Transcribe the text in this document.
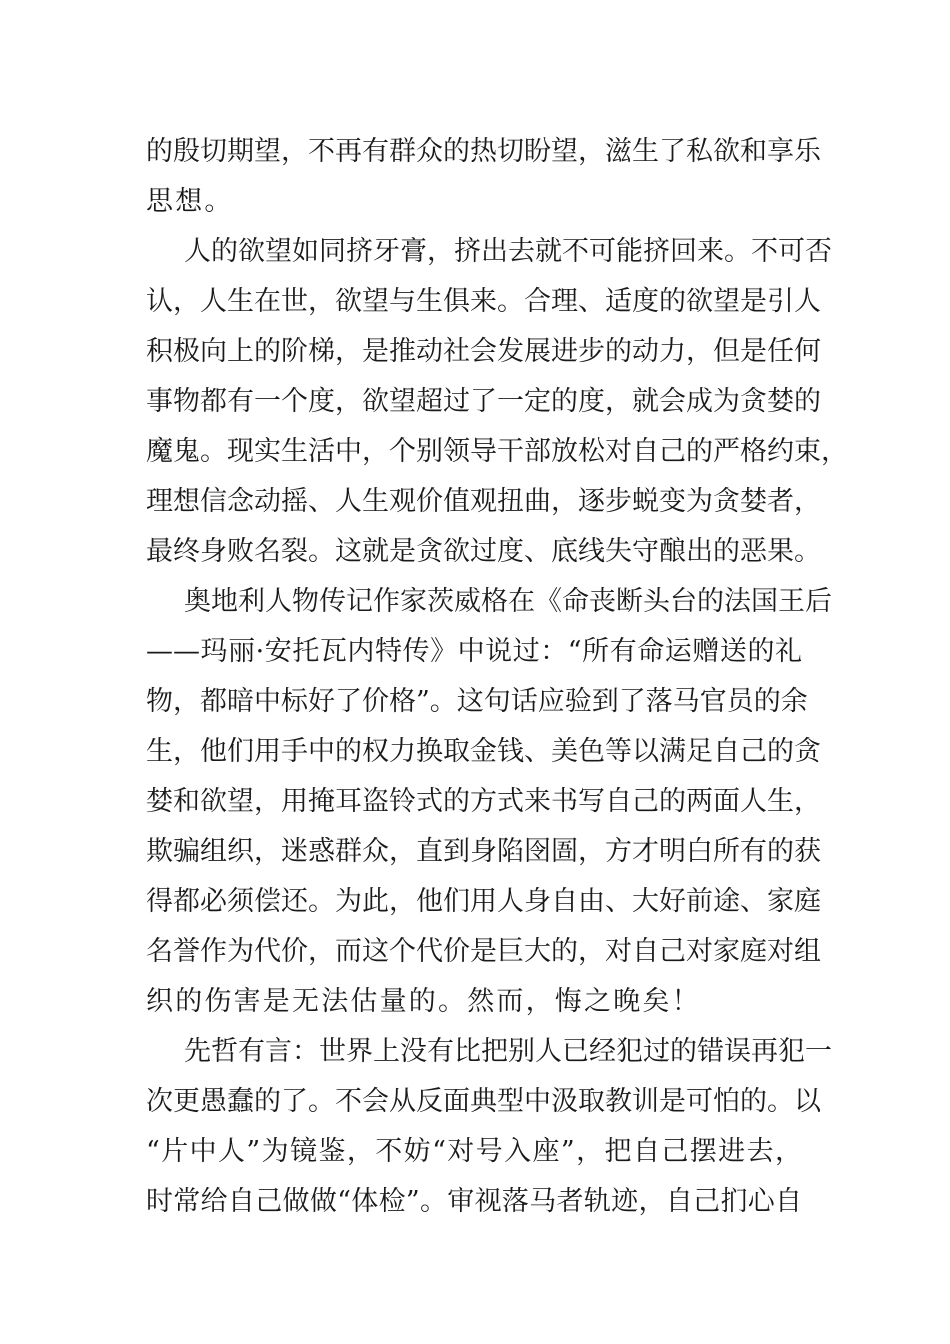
的殷切期望，不再有群众的热切盼望，滋生了私欲和享乐
思想。
人的欲望如同挤牙膏，挤出去就不可能挤回来。不可否
认，人生在世，欲望与生俱来。合理、适度的欲望是引人
积极向上的阶梯，是推动社会发展进步的动力，但是任何
事物都有一个度，欲望超过了一定的度，就会成为贪婪的
魔鬼。现实生活中，个别领导干部放松对自己的严格约束，
理想信念动摇、人生观价值观扭曲，逐步蜕变为贪婪者，
最终身败名裂。这就是贪欲过度、底线失守酿出的恶果。
奥地利人物传记作家茨威格在《命丧断头台的法国王后
——玛丽·安托瓦内特传》中说过：“所有命运赠送的礼
物，都暗中标好了价格”。这句话应验到了落马官员的余
生，他们用手中的权力换取金钱、美色等以满足自己的贪
婪和欲望，用掩耳盗铃式的方式来书写自己的两面人生，
欺骗组织，迷惑群众，直到身陷囹圄，方才明白所有的获
得都必须偿还。为此，他们用人身自由、大好前途、家庭
名誉作为代价，而这个代价是巨大的，对自己对家庭对组
织的伤害是无法估量的。然而，悔之晚矣！
先哲有言：世界上没有比把别人已经犯过的错误再犯一
次更愚蠢的了。不会从反面典型中汲取教训是可怕的。以
“片中人”为镜鉴，不妨“对号入座”，把自己摆进去，
时常给自己做做“体检”。审视落马者轨迹，自己扪心自
